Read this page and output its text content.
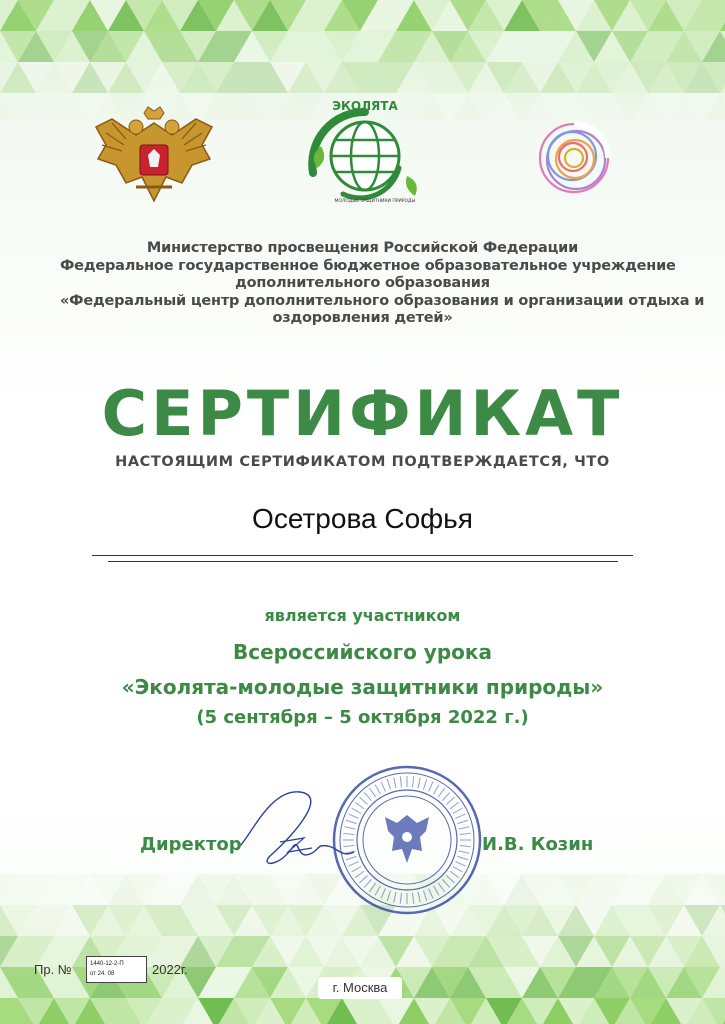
ЭКОЛЯТА
МОЛОДЫЕ ЗАЩИТНИКИ ПРИРОДЫ
Министерство просвещения Российской Федерации
Федеральное государственное бюджетное образовательное учреждение
дополнительного образования
«Федеральный центр дополнительного образования и организации отдыха и
оздоровления детей»
СЕРТИФИКАТ
НАСТОЯЩИМ СЕРТИФИКАТОМ ПОДТВЕРЖДАЕТСЯ, ЧТО
Осетрова Софья
является участником
Всероссийского урока
«Эколята-молодые защитники природы»
(5 сентября – 5 октября 2022 г.)
Директор	И.В. Козин
Пр. №	1440-12-2-П
от 24. 08	2022г.
г. Москва
